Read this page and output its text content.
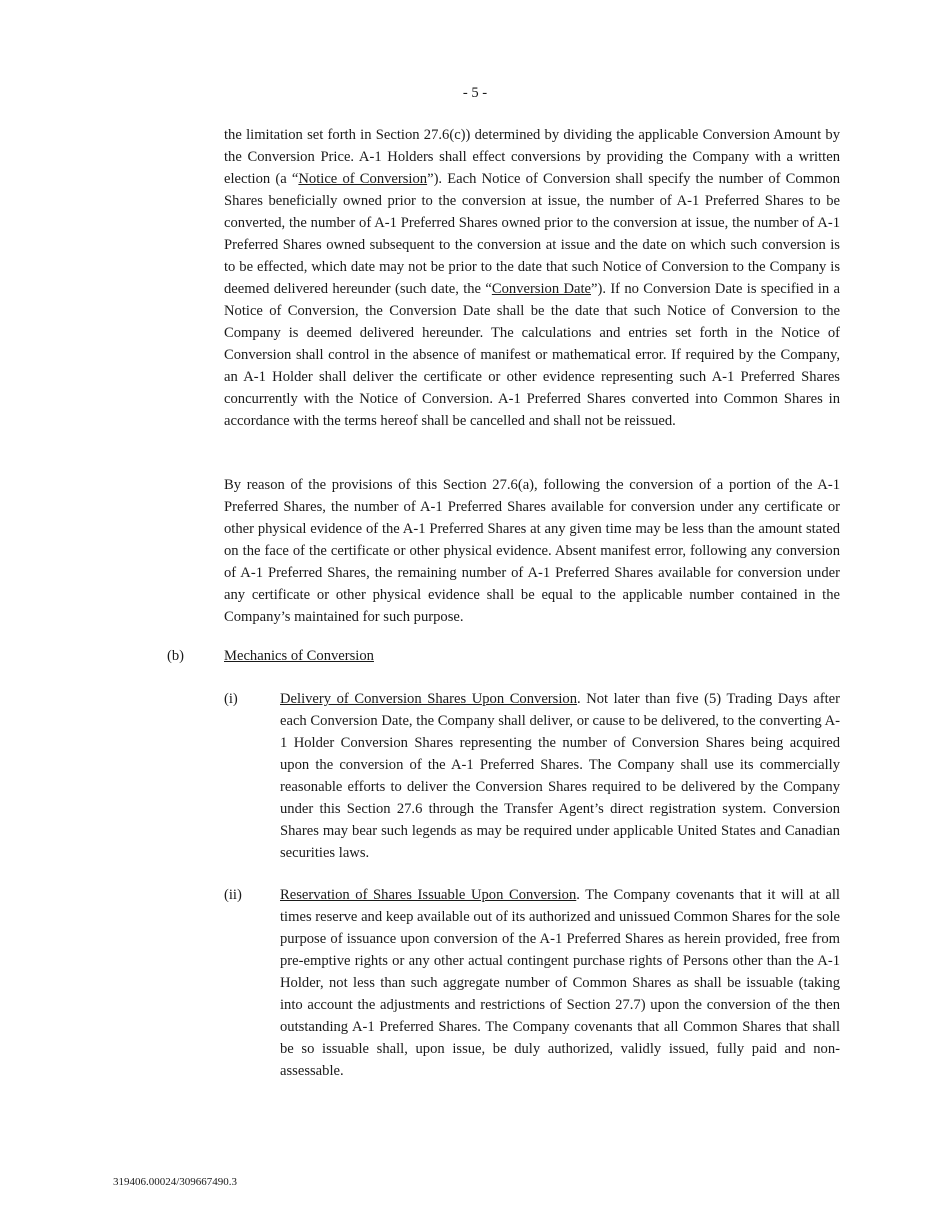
- 5 -

the limitation set forth in Section 27.6(c)) determined by dividing the applicable Conversion Amount by the Conversion Price. A-1 Holders shall effect conversions by providing the Company with a written election (a “Notice of Conversion”). Each Notice of Conversion shall specify the number of Common Shares beneficially owned prior to the conversion at issue, the number of A-1 Preferred Shares to be converted, the number of A-1 Preferred Shares owned prior to the conversion at issue, the number of A-1 Preferred Shares owned subsequent to the conversion at issue and the date on which such conversion is to be effected, which date may not be prior to the date that such Notice of Conversion to the Company is deemed delivered hereunder (such date, the “Conversion Date”). If no Conversion Date is specified in a Notice of Conversion, the Conversion Date shall be the date that such Notice of Conversion to the Company is deemed delivered hereunder. The calculations and entries set forth in the Notice of Conversion shall control in the absence of manifest or mathematical error. If required by the Company, an A-1 Holder shall deliver the certificate or other evidence representing such A-1 Preferred Shares concurrently with the Notice of Conversion. A-1 Preferred Shares converted into Common Shares in accordance with the terms hereof shall be cancelled and shall not be reissued.

By reason of the provisions of this Section 27.6(a), following the conversion of a portion of the A-1 Preferred Shares, the number of A-1 Preferred Shares available for conversion under any certificate or other physical evidence of the A-1 Preferred Shares at any given time may be less than the amount stated on the face of the certificate or other physical evidence. Absent manifest error, following any conversion of A-1 Preferred Shares, the remaining number of A-1 Preferred Shares available for conversion under any certificate or other physical evidence shall be equal to the applicable number contained in the Company’s maintained for such purpose.

(b)	Mechanics of Conversion
(i)	Delivery of Conversion Shares Upon Conversion. Not later than five (5) Trading Days after each Conversion Date, the Company shall deliver, or cause to be delivered, to the converting A-1 Holder Conversion Shares representing the number of Conversion Shares being acquired upon the conversion of the A-1 Preferred Shares. The Company shall use its commercially reasonable efforts to deliver the Conversion Shares required to be delivered by the Company under this Section 27.6 through the Transfer Agent’s direct registration system. Conversion Shares may bear such legends as may be required under applicable United States and Canadian securities laws.
(ii)	Reservation of Shares Issuable Upon Conversion. The Company covenants that it will at all times reserve and keep available out of its authorized and unissued Common Shares for the sole purpose of issuance upon conversion of the A-1 Preferred Shares as herein provided, free from pre-emptive rights or any other actual contingent purchase rights of Persons other than the A-1 Holder, not less than such aggregate number of Common Shares as shall be issuable (taking into account the adjustments and restrictions of Section 27.7) upon the conversion of the then outstanding A-1 Preferred Shares. The Company covenants that all Common Shares that shall be so issuable shall, upon issue, be duly authorized, validly issued, fully paid and non-assessable.
319406.00024/309667490.3
